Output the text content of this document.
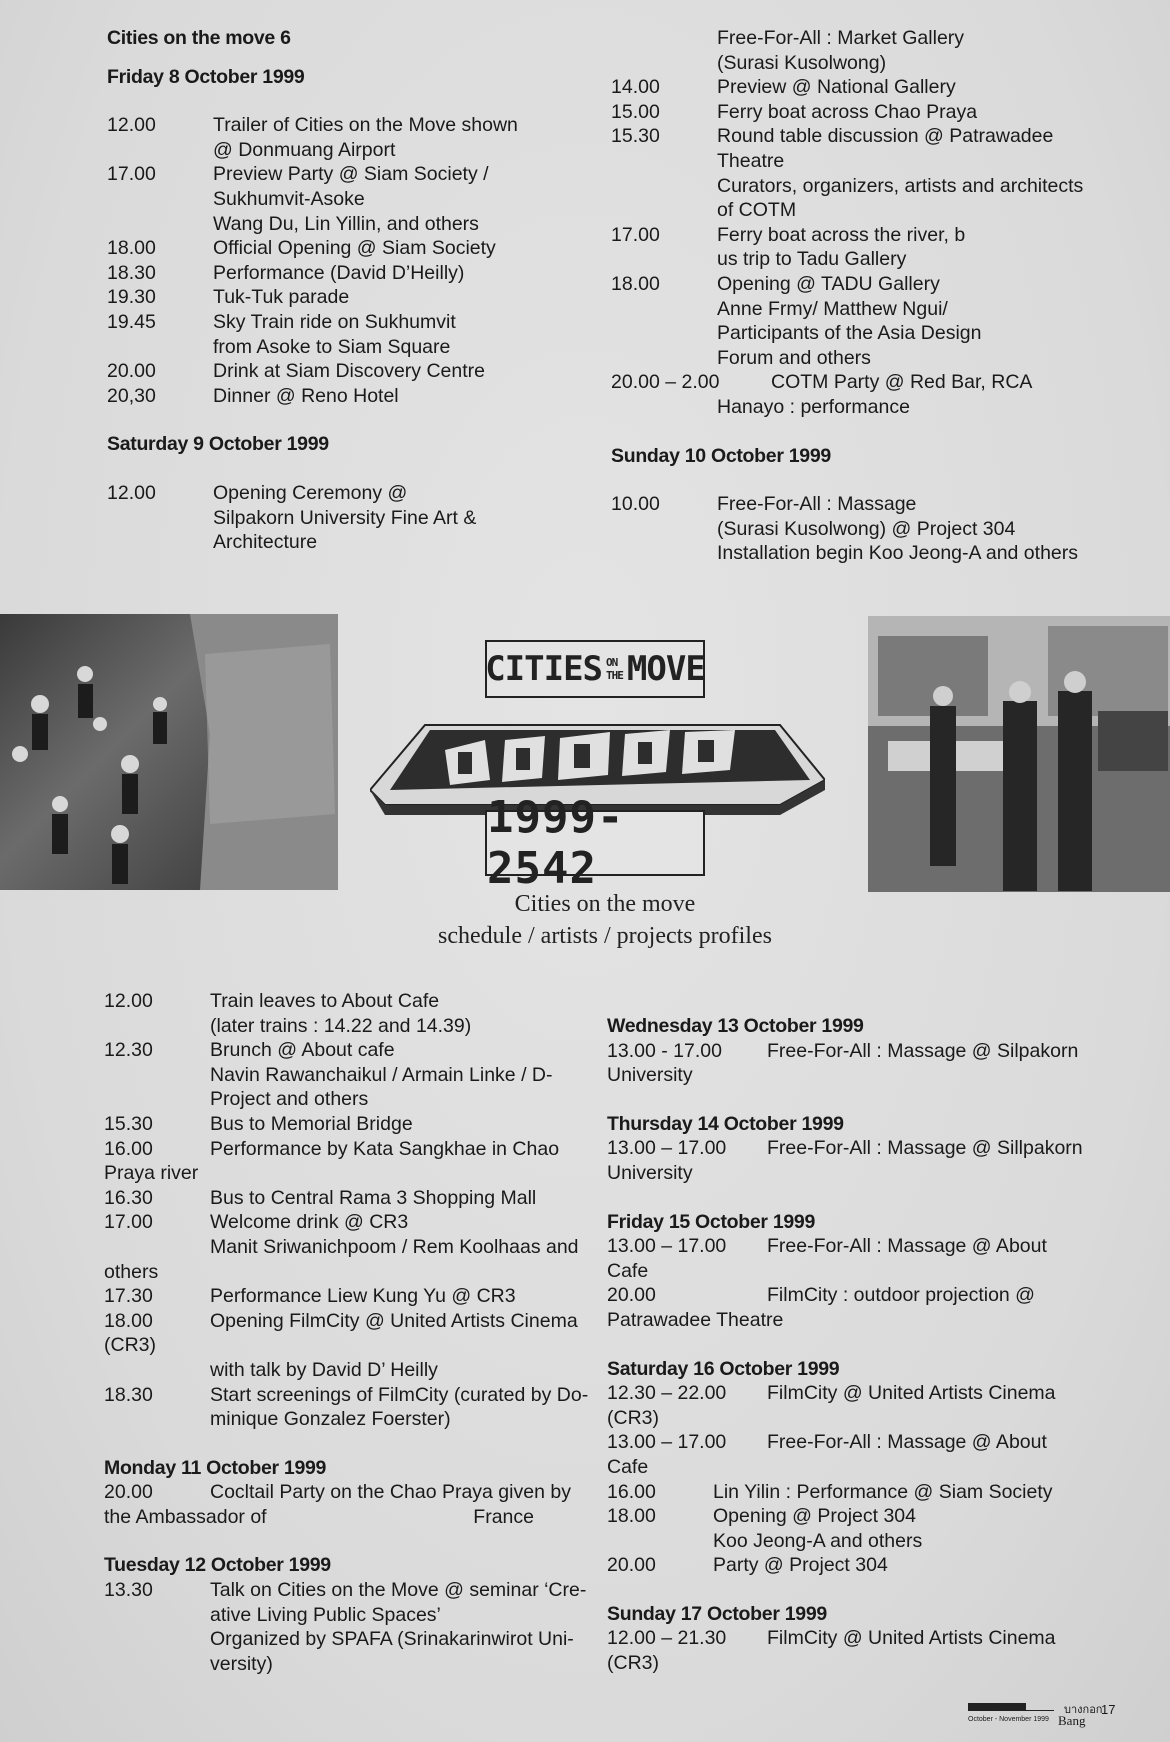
Cities on the move 6
Friday 8 October 1999
12.00	Trailer of Cities on the Move shown
@ Donmuang Airport
17.00	Preview Party @ Siam Society /
Sukhumvit-Asoke
Wang Du, Lin Yillin, and others
18.00	Official Opening @ Siam Society
18.30	Performance (David D’Heilly)
19.30	Tuk-Tuk parade
19.45	Sky Train ride on Sukhumvit
from Asoke to Siam Square
20.00	Drink at Siam Discovery Centre
20,30	Dinner @ Reno Hotel
Saturday 9 October 1999
12.00	Opening Ceremony @
Silpakorn University Fine Art &
Architecture
Free-For-All : Market Gallery
(Surasi Kusolwong)
14.00	Preview @ National Gallery
15.00	Ferry boat across Chao Praya
15.30	Round table discussion @ Patrawadee
Theatre
Curators, organizers, artists and architects
of COTM
17.00	Ferry boat across the river, b
us trip to Tadu Gallery
18.00	Opening @ TADU Gallery
Anne Frmy/ Matthew Ngui/
Participants of the Asia Design
Forum and others
20.00 – 2.00	COTM Party @ Red Bar, RCA
Hanayo : performance
Sunday 10 October 1999
10.00	Free-For-All : Massage
(Surasi Kusolwong) @ Project 304
Installation begin Koo Jeong-A and others
CITIES ON THE MOVE
1999-2542
Cities on the move
schedule / artists / projects profiles
12.00	Train leaves to About Cafe
(later trains : 14.22 and 14.39)
12.30	Brunch @ About cafe
Navin Rawanchaikul / Armain Linke / D-
Project and others
15.30	Bus to Memorial Bridge
16.00	Performance by Kata Sangkhae in Chao
Praya river
16.30	Bus to Central Rama 3 Shopping Mall
17.00	Welcome drink @ CR3
Manit Sriwanichpoom / Rem Koolhaas and
others
17.30	Performance Liew Kung Yu @ CR3
18.00	Opening FilmCity @ United Artists Cinema
(CR3)
with talk by David D’ Heilly
18.30	Start screenings of FilmCity (curated by Do-
minique Gonzalez Foerster)
Monday 11 October 1999
20.00	Cocltail Party on the Chao Praya given by
the Ambassador of	France
Tuesday 12 October 1999
13.30	Talk on Cities on the Move @ seminar ‘Cre-
ative Living Public Spaces’
Organized by SPAFA (Srinakarinwirot Uni-
versity)
Wednesday 13 October 1999
13.00 - 17.00	Free-For-All : Massage @ Silpakorn
University
Thursday 14 October 1999
13.00 – 17.00	Free-For-All : Massage @ Sillpakorn
University
Friday 15 October 1999
13.00 – 17.00	Free-For-All : Massage @ About
Cafe
20.00	FilmCity : outdoor projection @
Patrawadee Theatre
Saturday 16 October 1999
12.30 – 22.00	FilmCity @ United Artists Cinema
(CR3)
13.00 – 17.00	Free-For-All : Massage @ About
Cafe
16.00	Lin Yilin : Performance @ Siam Society
18.00	Opening @ Project 304
Koo Jeong-A and others
20.00	Party @ Project 304
Sunday 17 October 1999
12.00 – 21.30	FilmCity @ United Artists Cinema
(CR3)
บางกอก
October - November 1999 Bang
17
